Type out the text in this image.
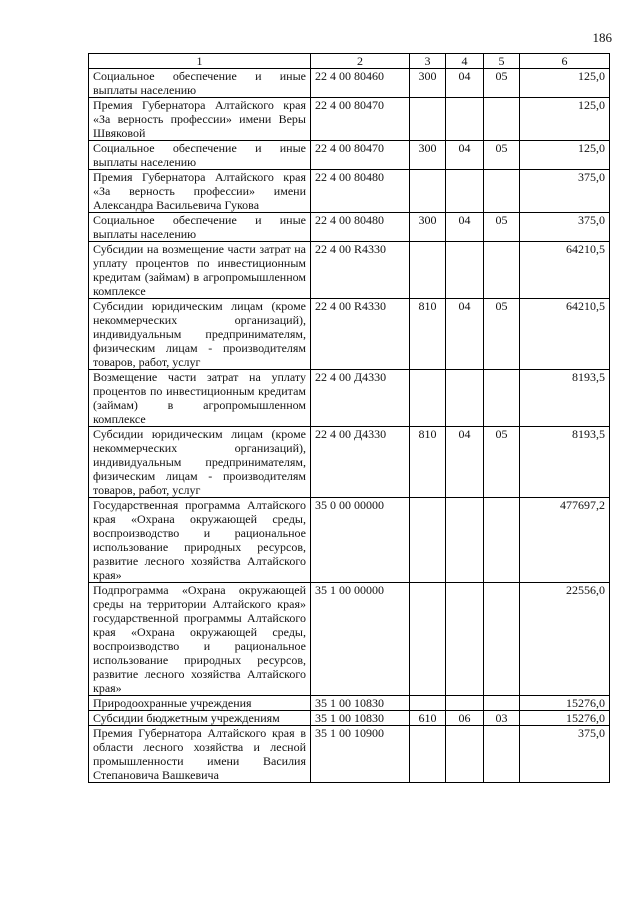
186
1	2	3	4	5	6
Социальное обеспечение и иные выплаты населению	22 4 00 80460	300	04	05	125,0
Премия Губернатора Алтайского края «За верность профессии» имени Веры Швяковой	22 4 00 80470				125,0
Социальное обеспечение и иные выплаты населению	22 4 00 80470	300	04	05	125,0
Премия Губернатора Алтайского края «За верность профессии» имени Александра Васильевича Гукова	22 4 00 80480				375,0
Социальное обеспечение и иные выплаты населению	22 4 00 80480	300	04	05	375,0
Субсидии на возмещение части затрат на уплату процентов по инвестиционным кредитам (займам) в агропромышленном комплексе	22 4 00 R4330				64210,5
Субсидии юридическим лицам (кроме некоммерческих организаций), индивидуальным предпринимателям, физическим лицам - производителям товаров, работ, услуг	22 4 00 R4330	810	04	05	64210,5
Возмещение части затрат на уплату процентов по инвестиционным кредитам (займам) в агропромышленном комплексе	22 4 00 Д4330				8193,5
Субсидии юридическим лицам (кроме некоммерческих организаций), индивидуальным предпринимателям, физическим лицам - производителям товаров, работ, услуг	22 4 00 Д4330	810	04	05	8193,5
Государственная программа Алтайского края «Охрана окружающей среды, воспроизводство и рациональное использование природных ресурсов, развитие лесного хозяйства Алтайского края»	35 0 00 00000				477697,2
Подпрограмма «Охрана окружающей среды на территории Алтайского края» государственной программы Алтайского края «Охрана окружающей среды, воспроизводство и рациональное использование природных ресурсов, развитие лесного хозяйства Алтайского края»	35 1 00 00000				22556,0
Природоохранные учреждения	35 1 00 10830				15276,0
Субсидии бюджетным учреждениям	35 1 00 10830	610	06	03	15276,0
Премия Губернатора Алтайского края в области лесного хозяйства и лесной промышленности имени Василия Степановича Вашкевича	35 1 00 10900				375,0
